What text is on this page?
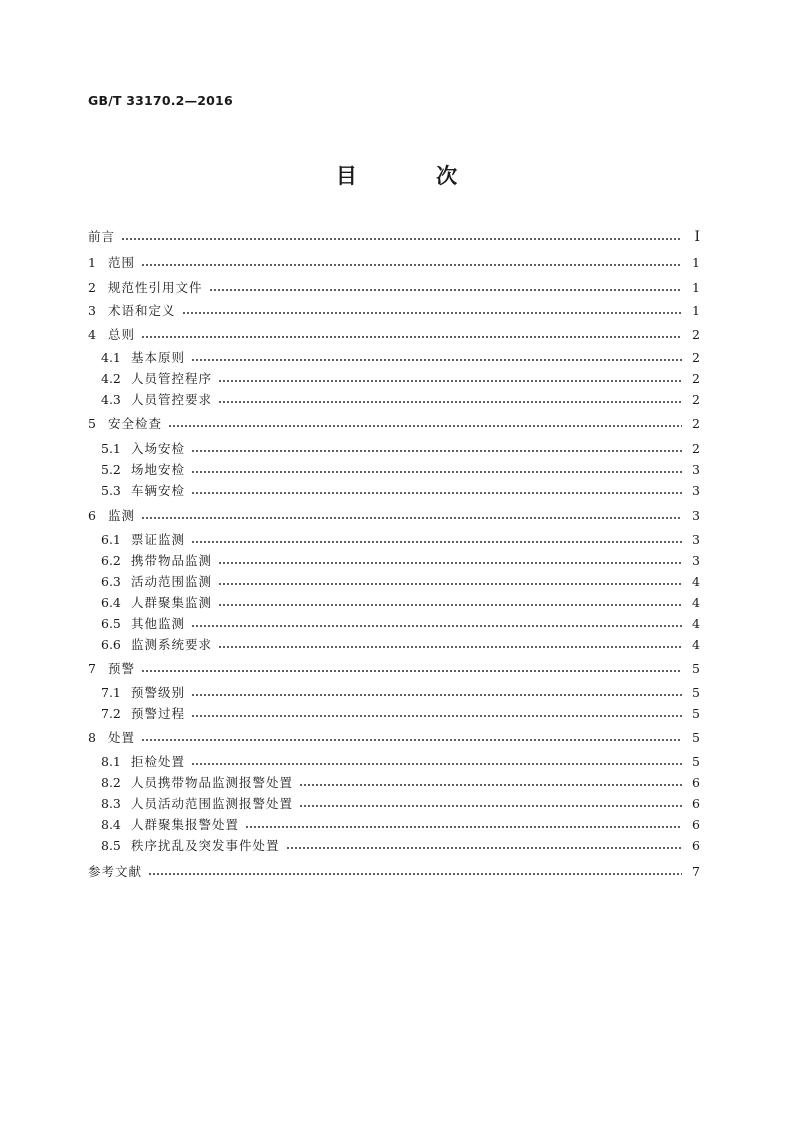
GB/T 33170.2—2016
目 次
前言	Ⅰ
1 范围	1
2 规范性引用文件	1
3 术语和定义	1
4 总则	2
4.1 基本原则	2
4.2 人员管控程序	2
4.3 人员管控要求	2
5 安全检查	2
5.1 入场安检	2
5.2 场地安检	3
5.3 车辆安检	3
6 监测	3
6.1 票证监测	3
6.2 携带物品监测	3
6.3 活动范围监测	4
6.4 人群聚集监测	4
6.5 其他监测	4
6.6 监测系统要求	4
7 预警	5
7.1 预警级别	5
7.2 预警过程	5
8 处置	5
8.1 拒检处置	5
8.2 人员携带物品监测报警处置	6
8.3 人员活动范围监测报警处置	6
8.4 人群聚集报警处置	6
8.5 秩序扰乱及突发事件处置	6
参考文献	7
